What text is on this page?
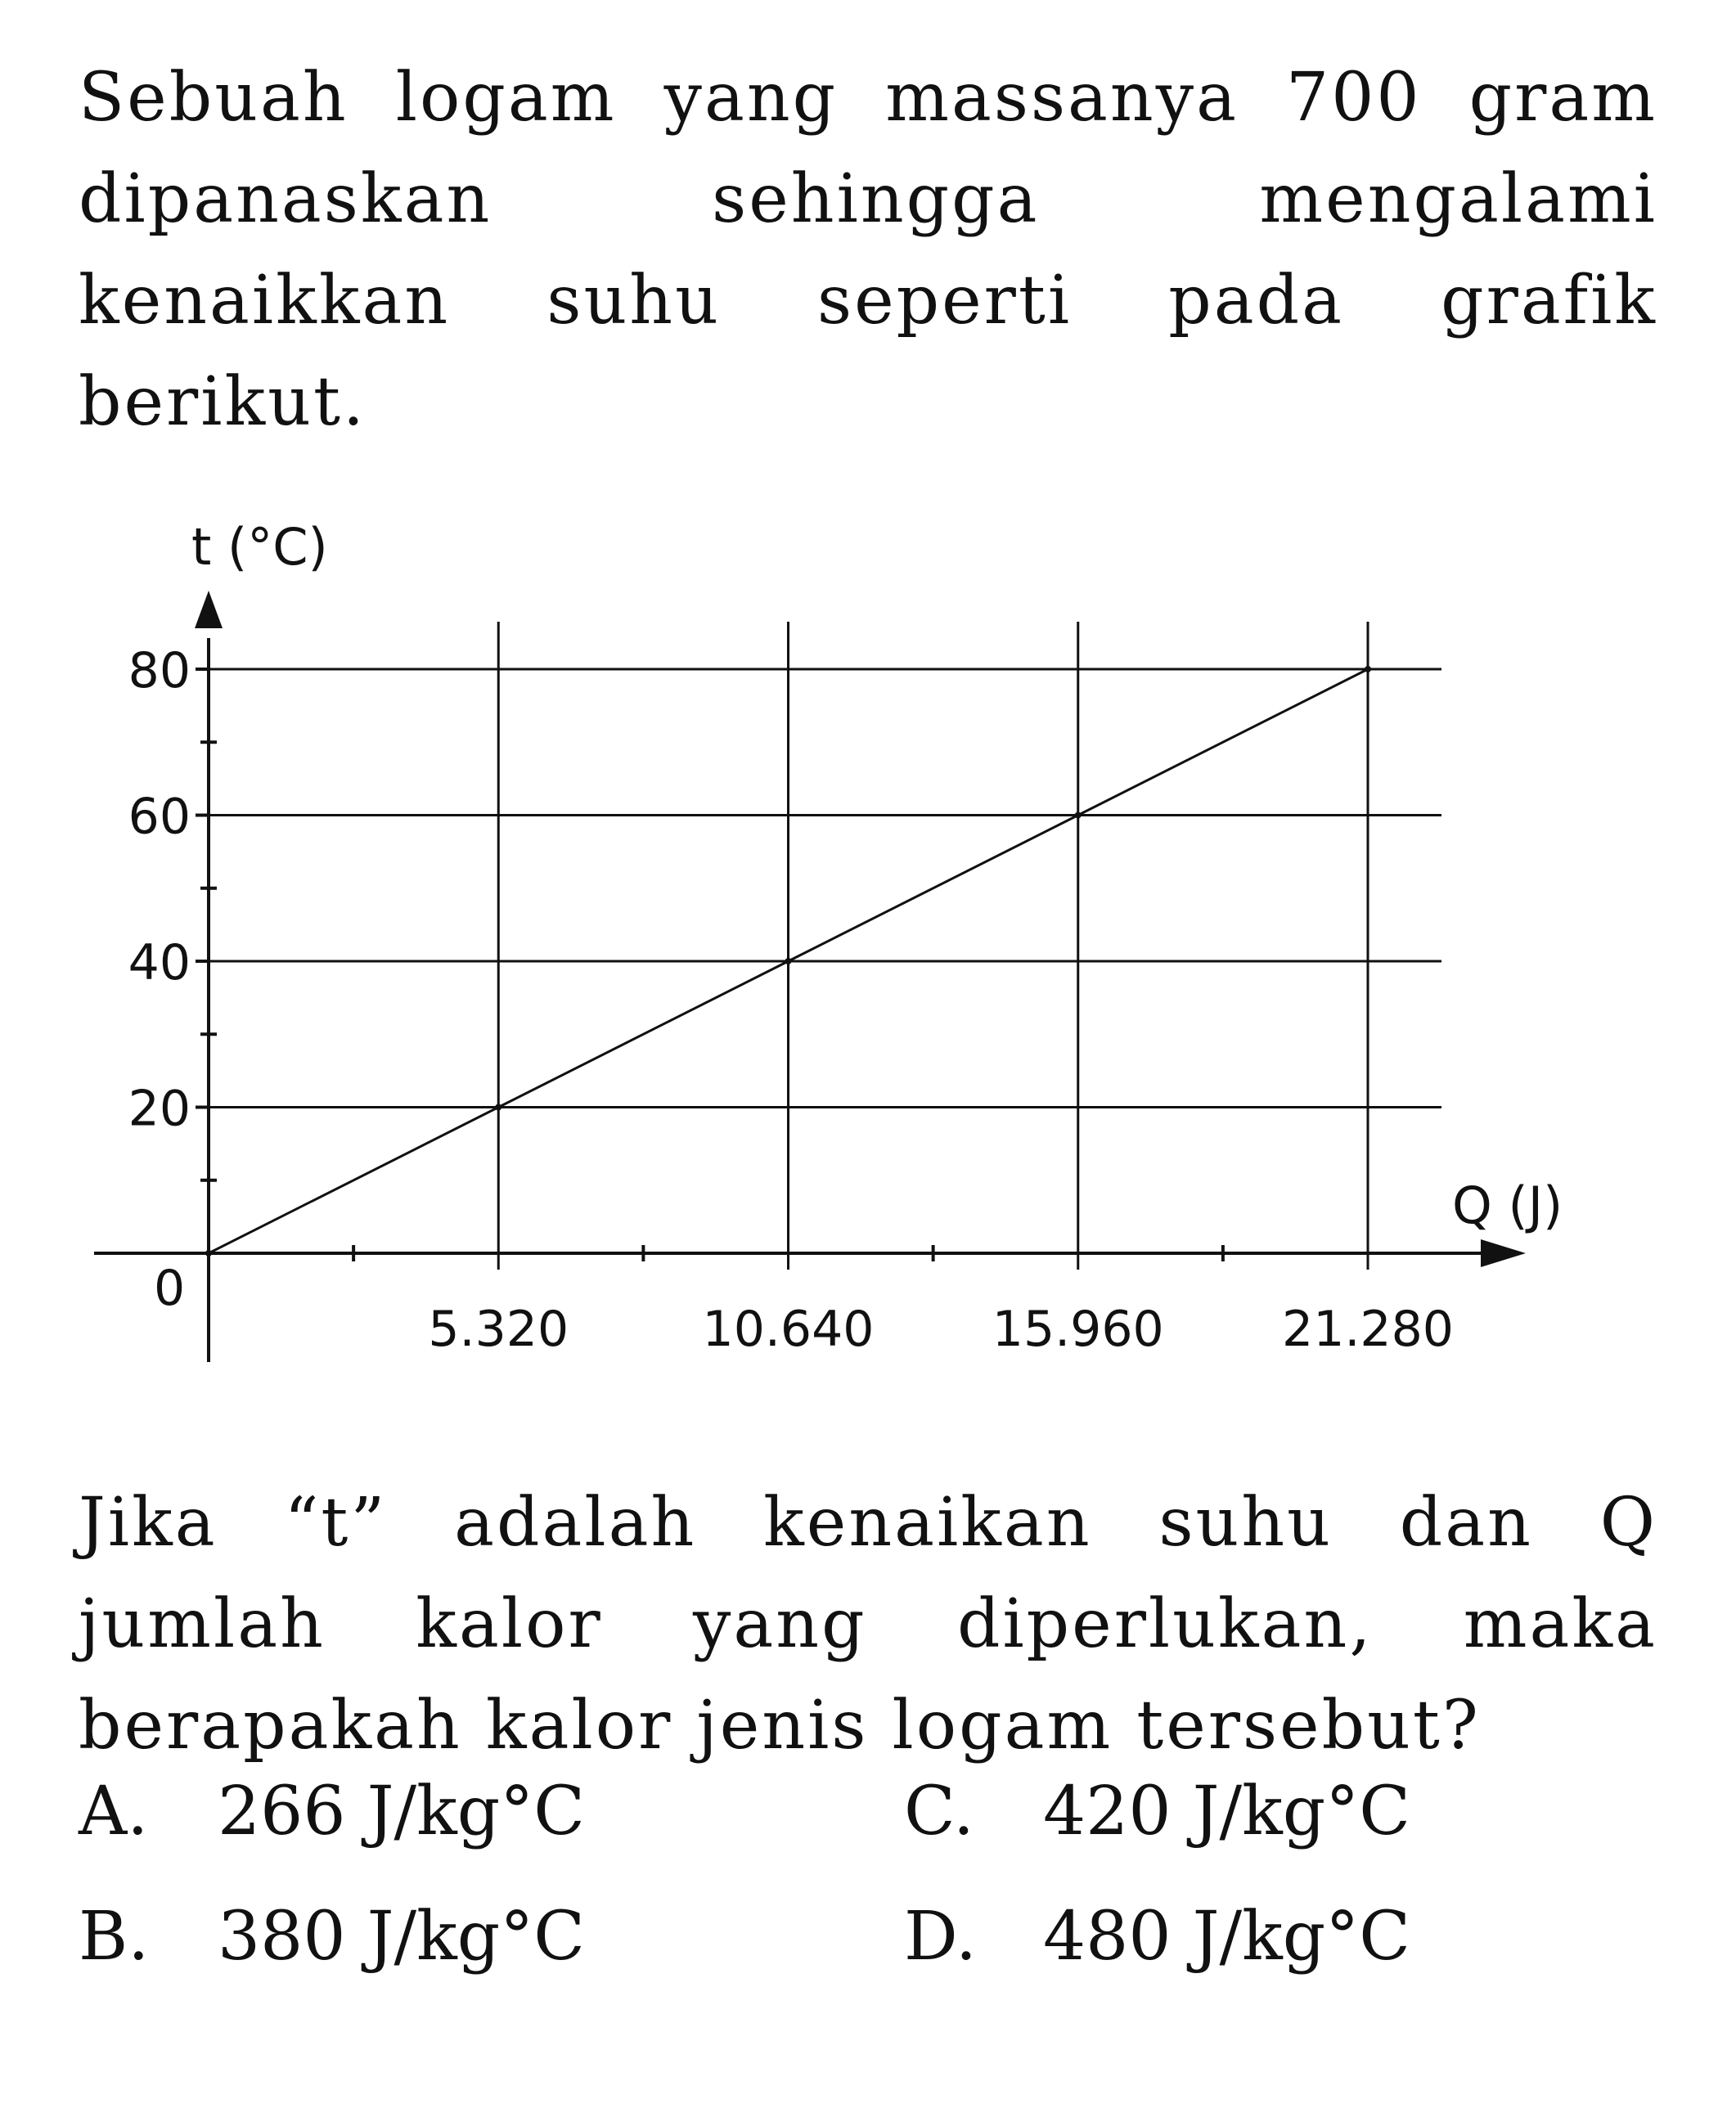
Sebuah logam yang massanya 700 gram dipanaskan sehingga mengalami kenaikkan suhu seperti pada grafik berikut.

t (°C)
Q (J)
0
20
40
60
80
5.320	10.640 15.960 21.280

Jika “t” adalah kenaikan suhu dan Q jumlah kalor yang diperlukan, maka berapakah kalor jenis logam tersebut?

A. 266 J/kg°C
B. 380 J/kg°C
C. 420 J/kg°C
D. 480 J/kg°C
